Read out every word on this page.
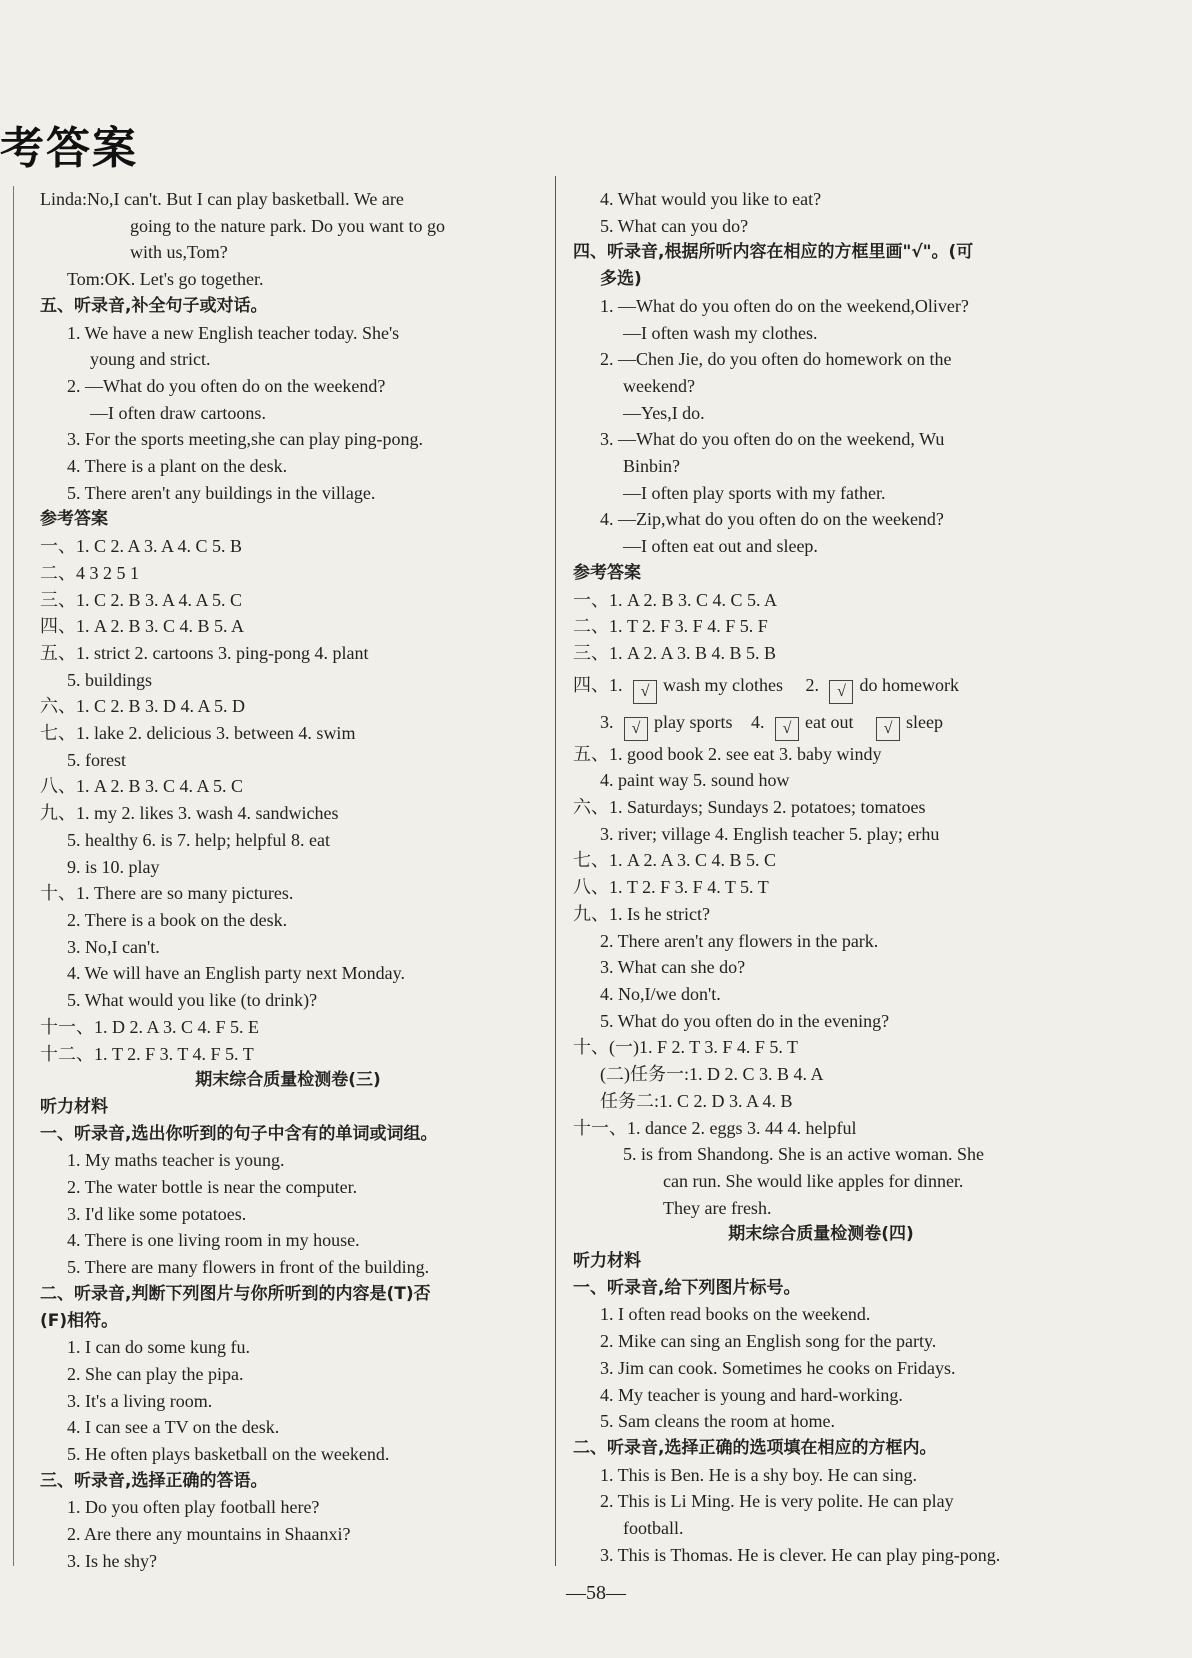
考答案
Linda:No,I can't. But I can play basketball. We are
going to the nature park. Do you want to go
with us,Tom?
Tom:OK. Let's go together.
五、听录音,补全句子或对话。
1. We have a new English teacher today. She's
young and strict.
2. —What do you often do on the weekend?
—I often draw cartoons.
3. For the sports meeting,she can play ping-pong.
4. There is a plant on the desk.
5. There aren't any buildings in the village.
参考答案
一、1. C 2. A 3. A 4. C 5. B
二、4 3 2 5 1
三、1. C 2. B 3. A 4. A 5. C
四、1. A 2. B 3. C 4. B 5. A
五、1. strict 2. cartoons 3. ping-pong 4. plant
5. buildings
六、1. C 2. B 3. D 4. A 5. D
七、1. lake 2. delicious 3. between 4. swim
5. forest
八、1. A 2. B 3. C 4. A 5. C
九、1. my 2. likes 3. wash 4. sandwiches
5. healthy 6. is 7. help; helpful 8. eat
9. is 10. play
十、1. There are so many pictures.
2. There is a book on the desk.
3. No,I can't.
4. We will have an English party next Monday.
5. What would you like (to drink)?
十一、1. D 2. A 3. C 4. F 5. E
十二、1. T 2. F 3. T 4. F 5. T
期末综合质量检测卷(三)
听力材料
一、听录音,选出你听到的句子中含有的单词或词组。
1. My maths teacher is young.
2. The water bottle is near the computer.
3. I'd like some potatoes.
4. There is one living room in my house.
5. There are many flowers in front of the building.
二、听录音,判断下列图片与你所听到的内容是(T)否
(F)相符。
1. I can do some kung fu.
2. She can play the pipa.
3. It's a living room.
4. I can see a TV on the desk.
5. He often plays basketball on the weekend.
三、听录音,选择正确的答语。
1. Do you often play football here?
2. Are there any mountains in Shaanxi?
3. Is he shy?
4. What would you like to eat?
5. What can you do?
四、听录音,根据所听内容在相应的方框里画"√"。(可
多选)
1. —What do you often do on the weekend,Oliver?
—I often wash my clothes.
2. —Chen Jie, do you often do homework on the
weekend?
—Yes,I do.
3. —What do you often do on the weekend, Wu
Binbin?
—I often play sports with my father.
4. —Zip,what do you often do on the weekend?
—I often eat out and sleep.
参考答案
一、1. A 2. B 3. C 4. C 5. A
二、1. T 2. F 3. F 4. F 5. F
三、1. A 2. A 3. B 4. B 5. B
四、1. √ wash my clothes 2. √ do homework
3. √ play sports 4. √ eat out √ sleep
五、1. good book 2. see eat 3. baby windy
4. paint way 5. sound how
六、1. Saturdays; Sundays 2. potatoes; tomatoes
3. river; village 4. English teacher 5. play; erhu
七、1. A 2. A 3. C 4. B 5. C
八、1. T 2. F 3. F 4. T 5. T
九、1. Is he strict?
2. There aren't any flowers in the park.
3. What can she do?
4. No,I/we don't.
5. What do you often do in the evening?
十、(一)1. F 2. T 3. F 4. F 5. T
(二)任务一:1. D 2. C 3. B 4. A
任务二:1. C 2. D 3. A 4. B
十一、1. dance 2. eggs 3. 44 4. helpful
5. is from Shandong. She is an active woman. She
can run. She would like apples for dinner.
They are fresh.
期末综合质量检测卷(四)
听力材料
一、听录音,给下列图片标号。
1. I often read books on the weekend.
2. Mike can sing an English song for the party.
3. Jim can cook. Sometimes he cooks on Fridays.
4. My teacher is young and hard-working.
5. Sam cleans the room at home.
二、听录音,选择正确的选项填在相应的方框内。
1. This is Ben. He is a shy boy. He can sing.
2. This is Li Ming. He is very polite. He can play
football.
3. This is Thomas. He is clever. He can play ping-pong.
—58—
